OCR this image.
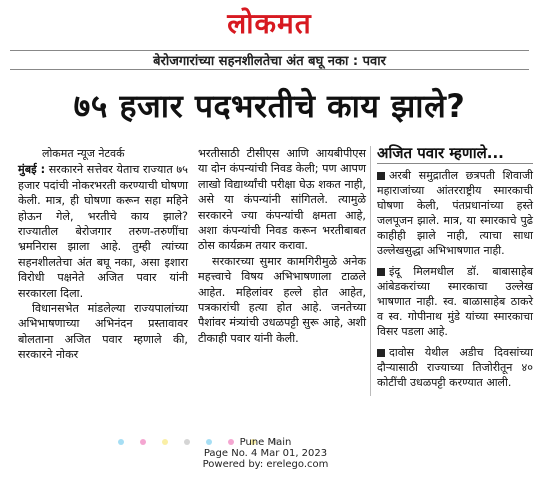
लोकमत
बेरोजगारांच्या सहनशीलतेचा अंत बघू नका : पवार
७५ हजार पदभरतीचे काय झाले?
लोकमत न्यूज नेटवर्क

मुंबई : सरकारने सत्तेवर येताच राज्यात ७५ हजार पदांची नोकरभरती करण्याची घोषणा केली. मात्र, ही घोषणा करून सहा महिने होऊन गेले, भरतीचे काय झाले? राज्यातील बेरोजगार तरुण-तरुणींचा भ्रमनिरास झाला आहे. तुम्ही त्यांच्या सहनशीलतेचा अंत बघू नका, असा इशारा विरोधी पक्षनेते अजित पवार यांनी सरकारला दिला.

विधानसभेत मांडलेल्या राज्यपालांच्या अभिभाषणाच्या अभिनंदन प्रस्तावावर बोलताना अजित पवार म्हणाले की, सरकारने नोकर

भरतीसाठी टीसीएस आणि आयबीपीएस या दोन कंपन्यांची निवड केली; पण आपण लाखो विद्यार्थ्यांची परीक्षा घेऊ शकत नाही, असे या कंपन्यांनी सांगितले. त्यामुळे सरकारने ज्या कंपन्यांची क्षमता आहे, अशा कंपन्यांची निवड करून भरतीबाबत ठोस कार्यक्रम तयार करावा.

सरकारच्या सुमार कामगिरीमुळे अनेक महत्त्वाचे विषय अभिभाषणाला टाळले आहेत. महिलांवर हल्ले होत आहेत, पत्रकारांची हत्या होत आहे. जनतेच्या पैशांवर मंत्र्यांची उधळपट्टी सुरू आहे, अशी टीकाही पवार यांनी केली.

अजित पवार म्हणाले...
अरबी समुद्रातील छत्रपती शिवाजी महाराजांच्या आंतरराष्ट्रीय स्मारकाची घोषणा केली, पंतप्रधानांच्या हस्ते जलपूजन झाले. मात्र, या स्मारकाचे पुढे काहीही झाले नाही, त्याचा साधा उल्लेखसुद्धा अभिभाषणात नाही.
इंदू मिलमधील डॉ. बाबासाहेब आंबेडकरांच्या स्मारकाचा उल्लेख भाषणात नाही. स्व. बाळासाहेब ठाकरे व स्व. गोपीनाथ मुंडे यांच्या स्मारकाचा विसर पडला आहे.
दावोस येथील अडीच दिवसांच्या दौऱ्यासाठी राज्याच्या तिजोरीतून ४० कोटींची उधळपट्टी करण्यात आली.
Pune Main
Page No. 4 Mar 01, 2023
Powered by: erelego.com
